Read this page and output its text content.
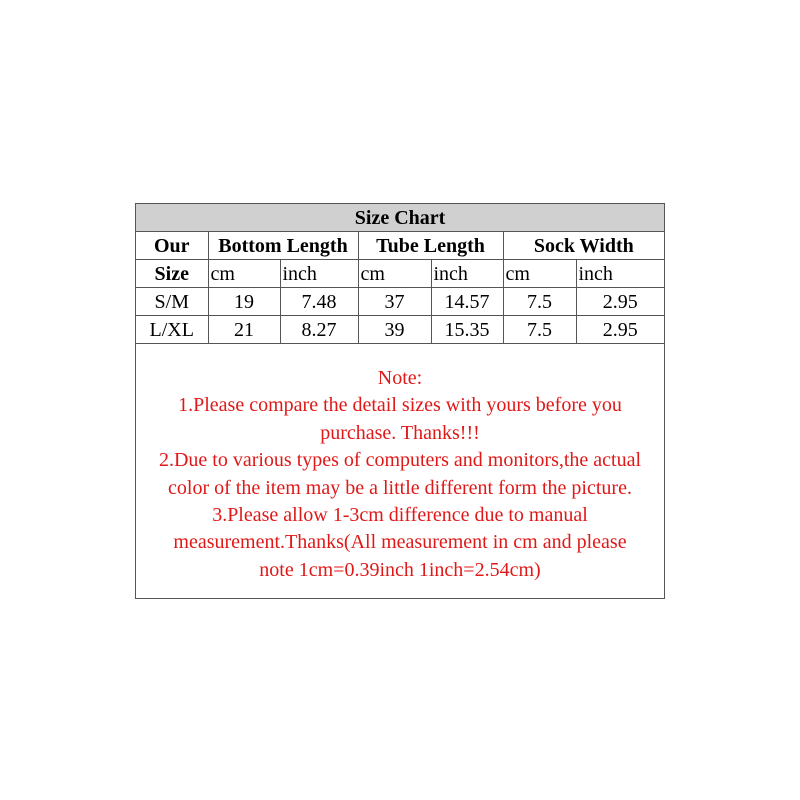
Size Chart						
Our	Bottom Length		Tube Length		Sock Width	
Size	cm	inch	cm	inch	cm	inch
S/M	19	7.48	37	14.57	7.5	2.95
L/XL	21	8.27	39	15.35	7.5	2.95
Note:
1.Please compare the detail sizes with yours before you
purchase. Thanks!!!
2.Due to various types of computers and monitors,the actual
color of the item may be a little different form the picture.
3.Please allow 1-3cm difference due to manual
measurement.Thanks(All measurement in cm and please
note 1cm=0.39inch 1inch=2.54cm)
